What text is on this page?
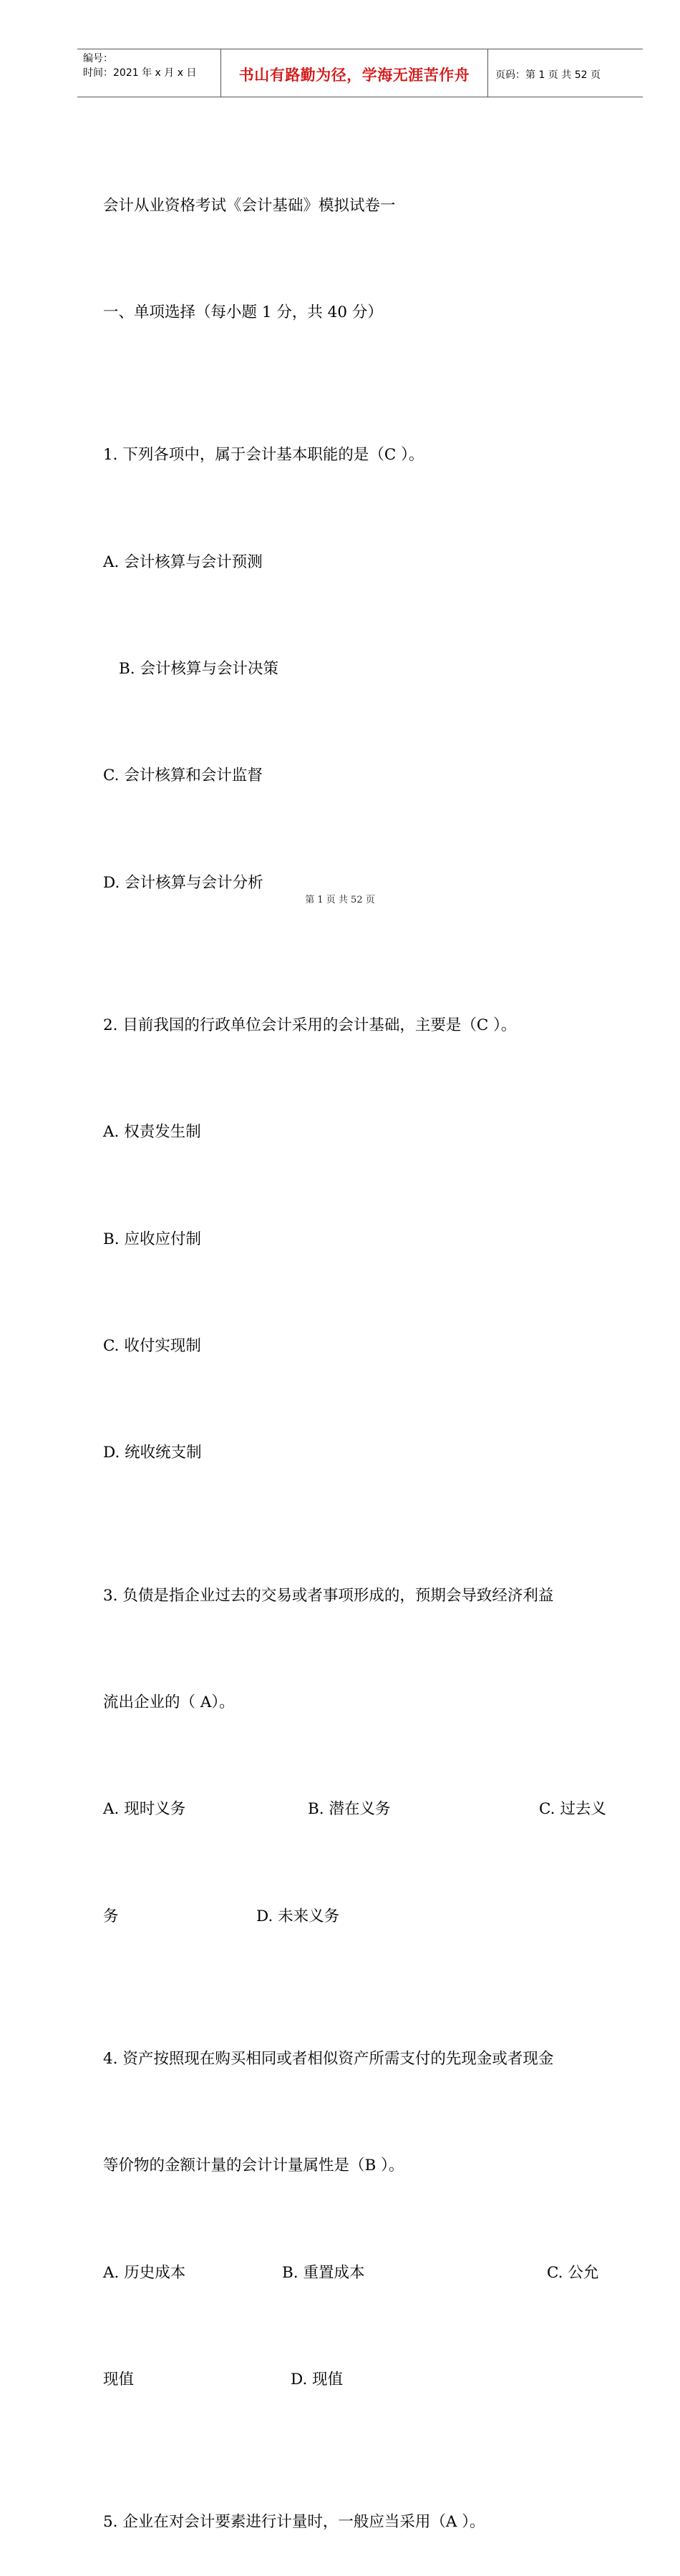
编号：
时间：2021 年 x 月 x 日	书山有路勤为径，学海无涯苦作舟	页码：第 1 页 共 52 页

会计从业资格考试《会计基础》模拟试卷一

一、单项选择（每小题 1 分，共 40 分）

1. 下列各项中，属于会计基本职能的是（C ）。

A. 会计核算与会计预测

B. 会计核算与会计决策

C. 会计核算和会计监督

D. 会计核算与会计分析

2. 目前我国的行政单位会计采用的会计基础，主要是（C ）。

A. 权责发生制

B. 应收应付制

C. 收付实现制

D. 统收统支制

3. 负债是指企业过去的交易或者事项形成的，预期会导致经济利益

流出企业的（ A）。

A. 现时义务

	B. 潜在义务

	C. 过去义

务

	D. 未来义务

4. 资产按照现在购买相同或者相似资产所需支付的先现金或者现金

等价物的金额计量的会计计量属性是（B ）。

A. 历史成本

	B. 重置成本

	C. 公允

现值

	D. 现值

5. 企业在对会计要素进行计量时，一般应当采用（A ）。

第 1 页 共 52 页
